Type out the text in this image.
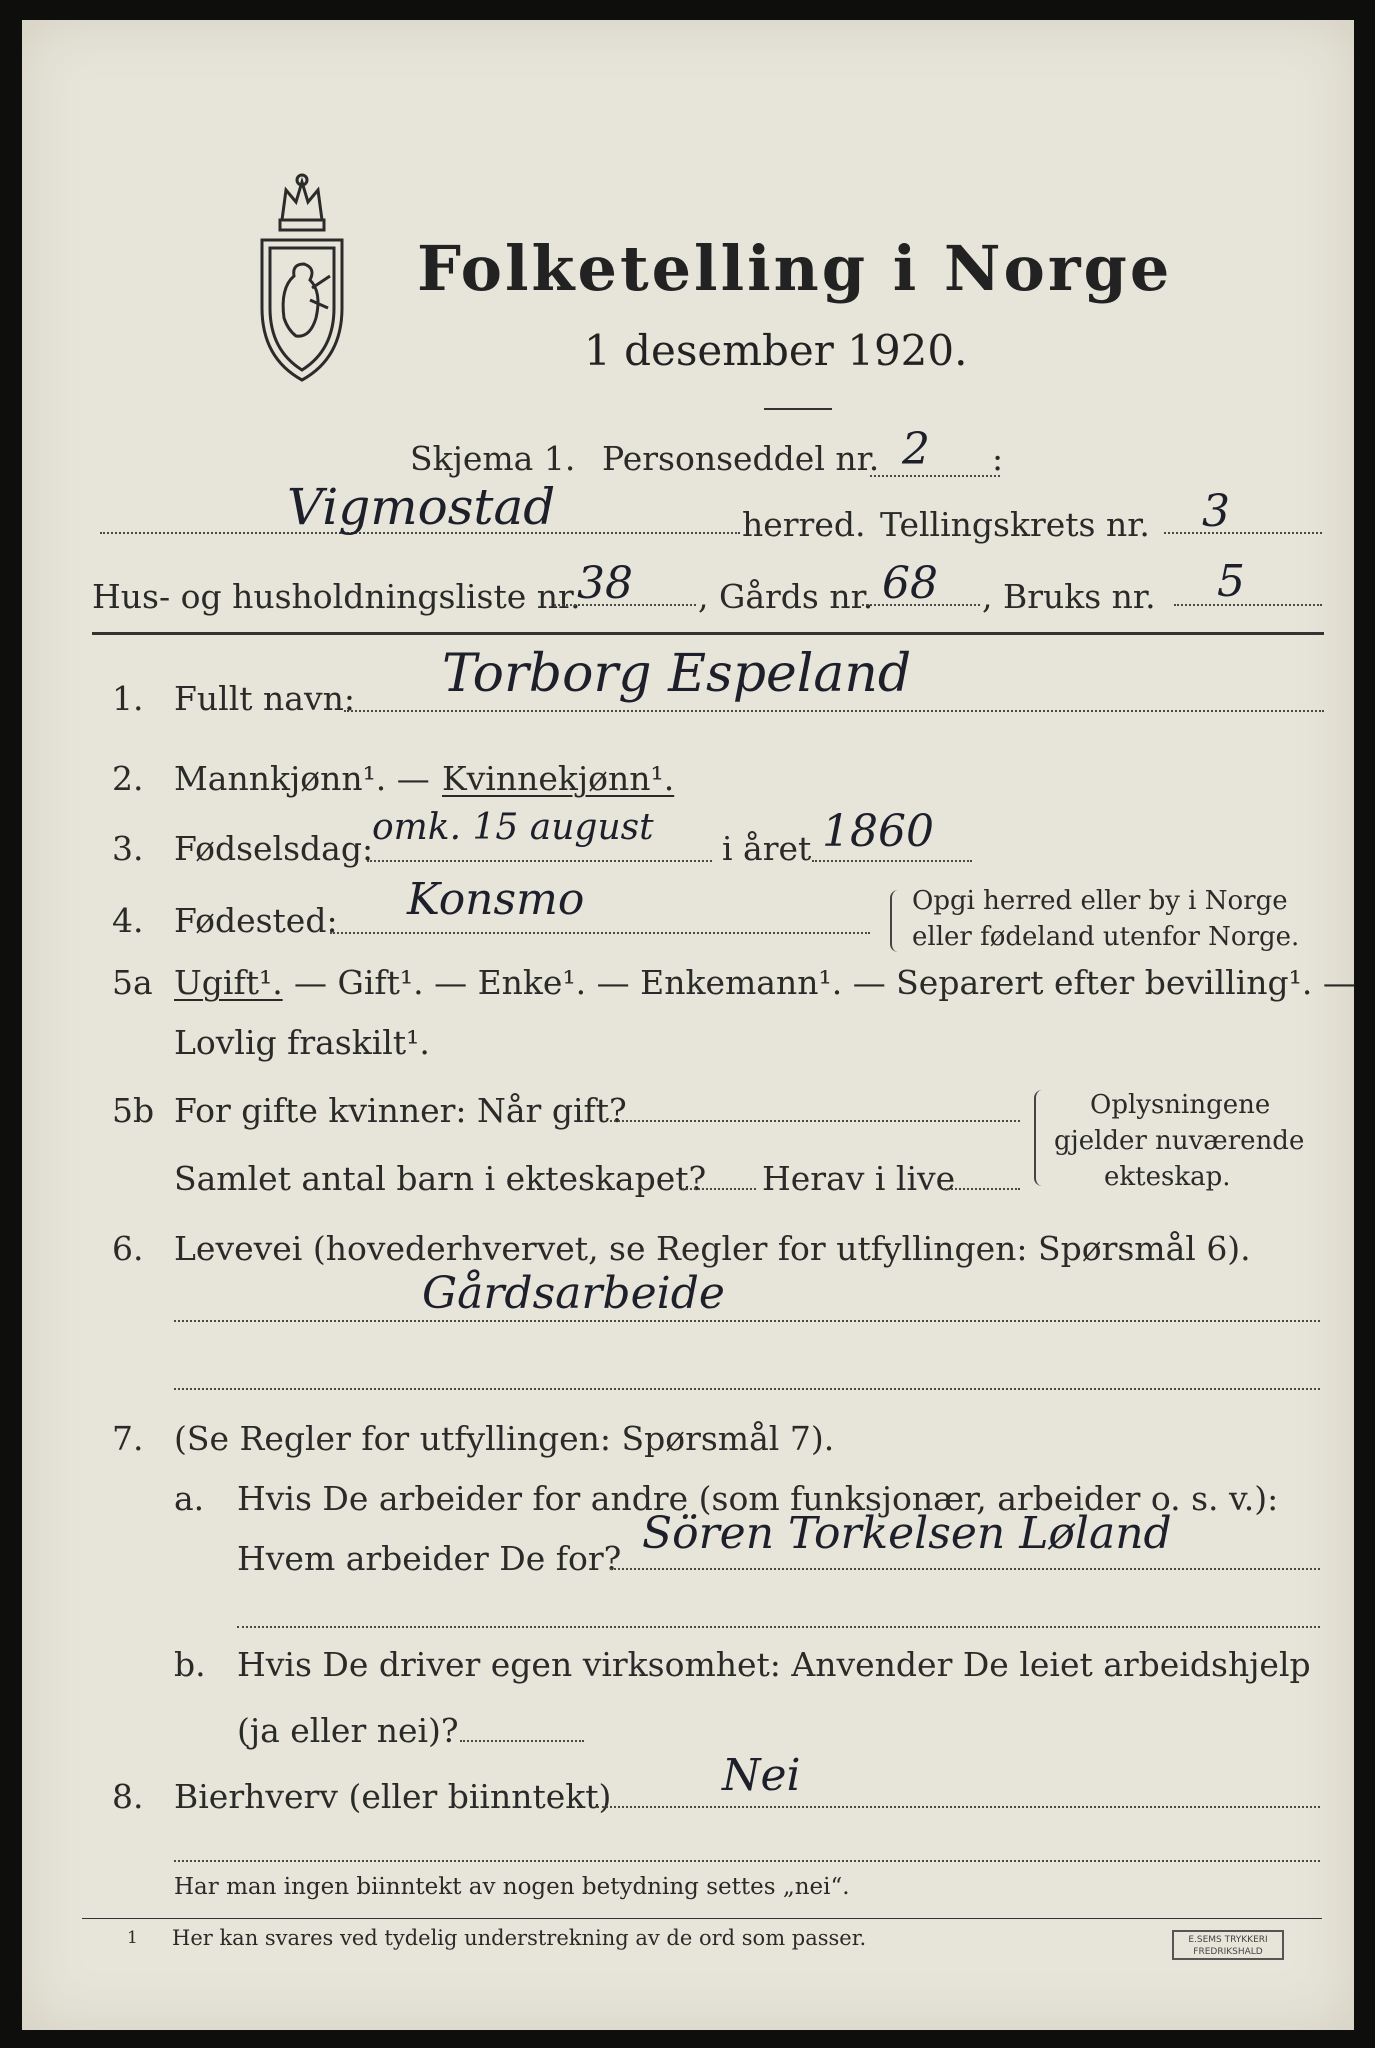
Folketelling i Norge
1 desember 1920.
Skjema 1. Personseddel nr. 2 :
Vigmostad	herred. Tellingskrets nr. 3
Hus- og husholdningsliste nr.
38 , Gårds nr. 68 , Bruks nr. 5
1. Fullt navn: Torborg Espeland
2. Mannkjønn¹. — Kvinnekjønn¹.
3. Fødselsdag:
omk. 15 august
i året 1860
4. Fødested: Konsmo	Opgi herred eller by i Norge
eller fødeland utenfor Norge.
5a Ugift¹. — Gift¹. — Enke¹. — Enkemann¹. — Separert efter bevilling¹. —
Lovlig fraskilt¹.
5b For gifte kvinner: Når gift?
Samlet antal barn i ekteskapet? Herav i live
Oplysningene
gjelder nuværende
ekteskap.
6. Levevei (hovederhvervet, se Regler for utfyllingen: Spørsmål 6).
Gårdsarbeide
7. (Se Regler for utfyllingen: Spørsmål 7).
a. Hvis De arbeider for andre (som funksjonær, arbeider o. s. v.):
Hvem arbeider De for? Sören Torkelsen Løland
b. Hvis De driver egen virksomhet: Anvender De leiet arbeidshjelp
(ja eller nei)?
8. Bierhverv (eller biinntekt)	Nei
Har man ingen biinntekt av nogen betydning settes „nei“.
1 Her kan svares ved tydelig understrekning av de ord som passer.	E.SEMS TRYKKERI
FREDRIKSHALD
